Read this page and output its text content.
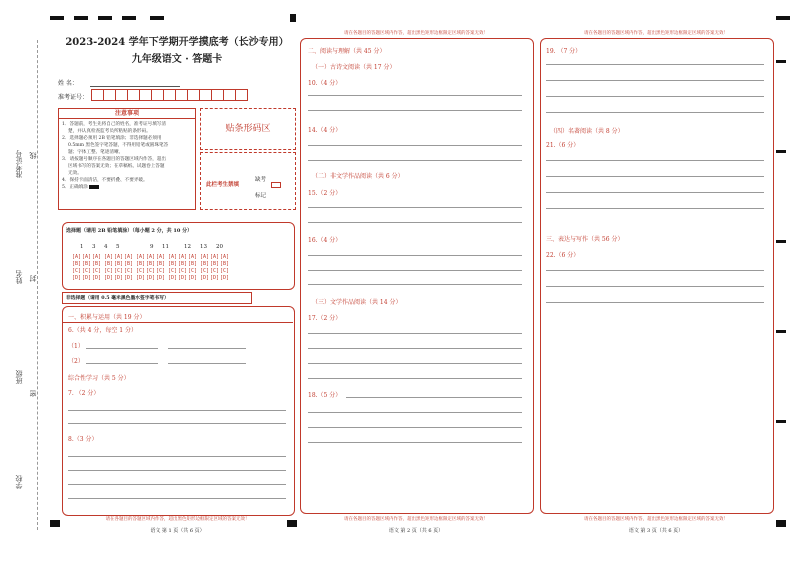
准考证号 线
姓名 封
班级
密
学校
2023-2024 学年下学期开学摸底考（长沙专用）
九年级语文 · 答题卡
姓 名：
准考证号：
注意事项
1．答题前，考生先将自己的姓名，准考证号填写清
楚，并认真检查监考员所粘贴的条形码。
2．选择题必须用 2B 铅笔填涂；非选择题必须用
0.5mm 黑色签字笔答题，不得用铅笔或圆珠笔答
题；字体工整、笔迹清晰。
3．请按题号顺序在各题目的答题区域内作答，超出
区域书写的答案无效；在草稿纸、试题卷上答题
无效。
4．保持卡面清洁，不要折叠、不要弄破。
5．正确填涂
贴条形码区
此栏考生禁填
缺考
标记
选择题（请用 2B 铅笔填涂）（每小题 2 分，共 10 分）
1 3 4 5	9 11	12 13 20
[A]
[B]
[C]
[D]
[A]
[B]
[C]
[D]
[A]
[B]
[C]
[D]
[A]
[B]
[C]
[D]
[A]
[B]
[C]
[D]
[A]
[B]
[C]
[D]
[A]
[B]
[C]
[D]
[A]
[B]
[C]
[D]
[A]
[B]
[C]
[D]
[A]
[B]
[C]
[D]
[A]
[B]
[C]
[D]
[A]
[B]
[C]
[D]
[A]
[B]
[C]
[D]
[A]
[B]
[C]
[D]
[A]
[B]
[C]
[D]
非选择题（请用 0.5 毫米黑色墨水签字笔书写）
一、积累与运用（共 19 分）
6.（共 4 分，每空 1 分）
（1）
（2）
综合性学习（共 5 分）
7. （2 分）
8.（3 分）
请在各题目的答题区域内作答，超出黑色矩形边框限定区域的答案无效！
语文 第 1 页（共 6 页）
请在各题目的答题区域内作答，超出黑色矩形边框限定区域的答案无效！
二、阅读与理解（共 45 分）
（一）古诗文阅读（共 17 分）
10.（4 分）
14.（4 分）
（二）非文学作品阅读（共 6 分）
15.（2 分）
16.（4 分）
（三）文学作品阅读（共 14 分）
17.（2 分）
18.（5 分）
请在各题目的答题区域内作答，超出黑色矩形边框限定区域的答案无效！
语文 第 2 页（共 6 页）
请在各题目的答题区域内作答，超出黑色矩形边框限定区域的答案无效！
19. （7 分）
（四）名著阅读（共 8 分）
21.（6 分）
三、表达与写作（共 56 分）
22.（6 分）
请在各题目的答题区域内作答，超出黑色矩形边框限定区域的答案无效！
语文 第 3 页（共 6 页）
